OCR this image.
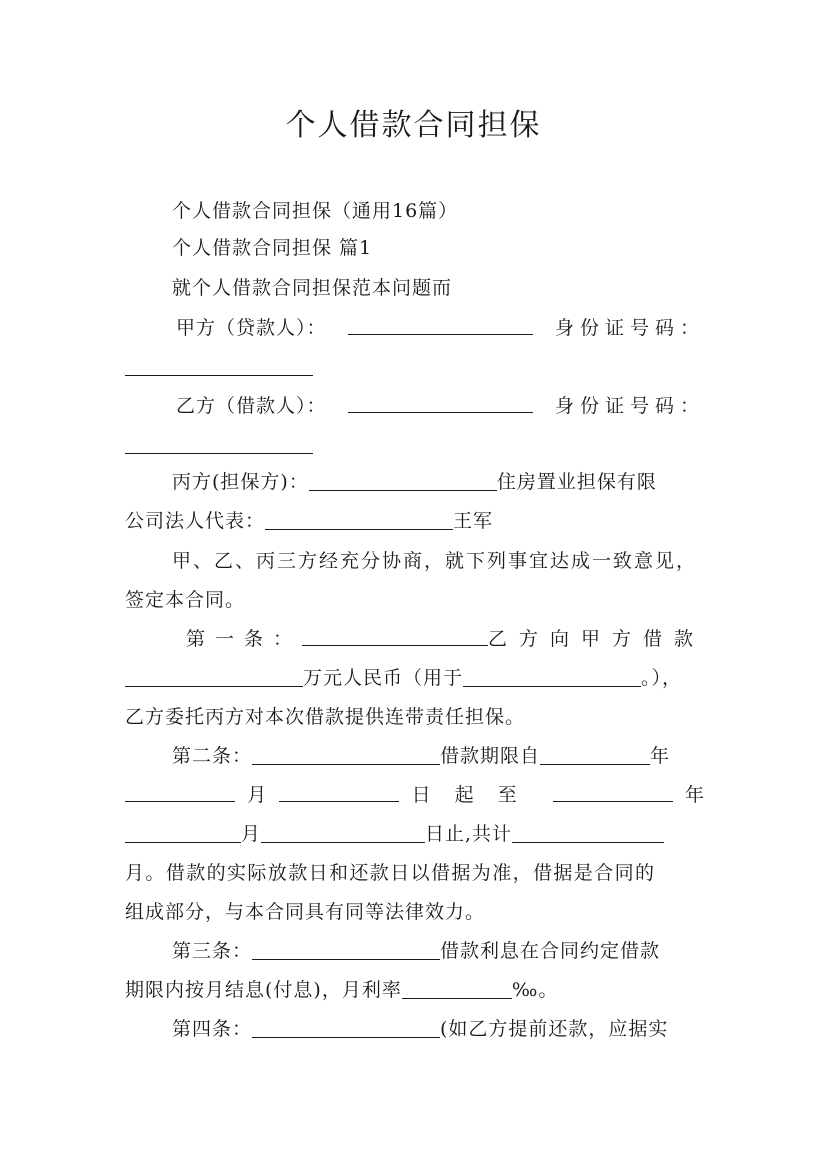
个人借款合同担保
个人借款合同担保（通用16篇）
个人借款合同担保 篇1
就个人借款合同担保范本问题而
甲方（贷款人）：	身份证号码：
乙方（借款人）：	身份证号码：
丙方(担保方)：	住房置业担保有限
公司法人代表：	王军
甲、乙、丙三方经充分协商，就下列事宜达成一致意见，
签定本合同。
第一条：	乙方向甲方借款
万元人民币（用于	。），
乙方委托丙方对本次借款提供连带责任担保。
第二条：	借款期限自	年
月	日起至	年
月	日止,共计
月。借款的实际放款日和还款日以借据为准，借据是合同的
组成部分，与本合同具有同等法律效力。
第三条：	借款利息在合同约定借款
期限内按月结息(付息)，月利率	‰。
第四条：	(如乙方提前还款，应据实
